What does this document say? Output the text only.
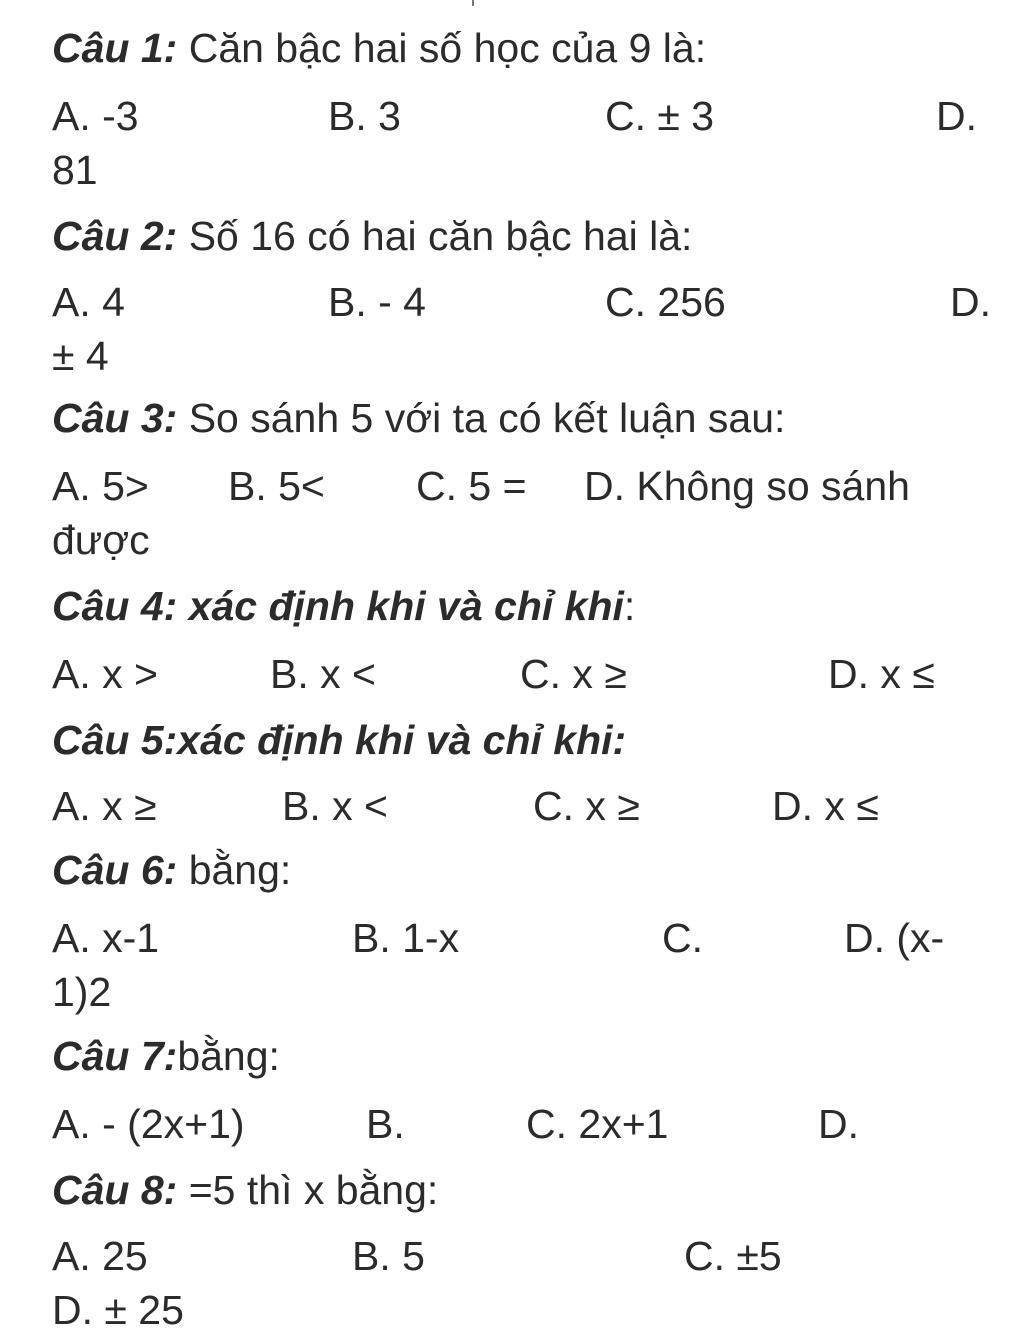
Câu 1: Căn bậc hai số học của 9 là:
A. -3	B. 3	C. ± 3	D.
81
Câu 2: Số 16 có hai căn bậc hai là:
A. 4	B. - 4	C. 256	D.
± 4
Câu 3: So sánh 5 với ta có kết luận sau:
A. 5> B. 5< C. 5 = D. Không so sánh
được
Câu 4: xác định khi và chỉ khi:
A. x >	B. x <	C. x ≥	D. x ≤
Câu 5:xác định khi và chỉ khi:
A. x ≥	B. x <	C. x ≥	D. x ≤
Câu 6: bằng:
A. x-1	B. 1-x	C.	D. (x-
1)2
Câu 7:bằng:
A. - (2x+1)	B.	C. 2x+1	D.
Câu 8: =5 thì x bằng:
A. 25	B. 5	C. ±5
D. ± 25
